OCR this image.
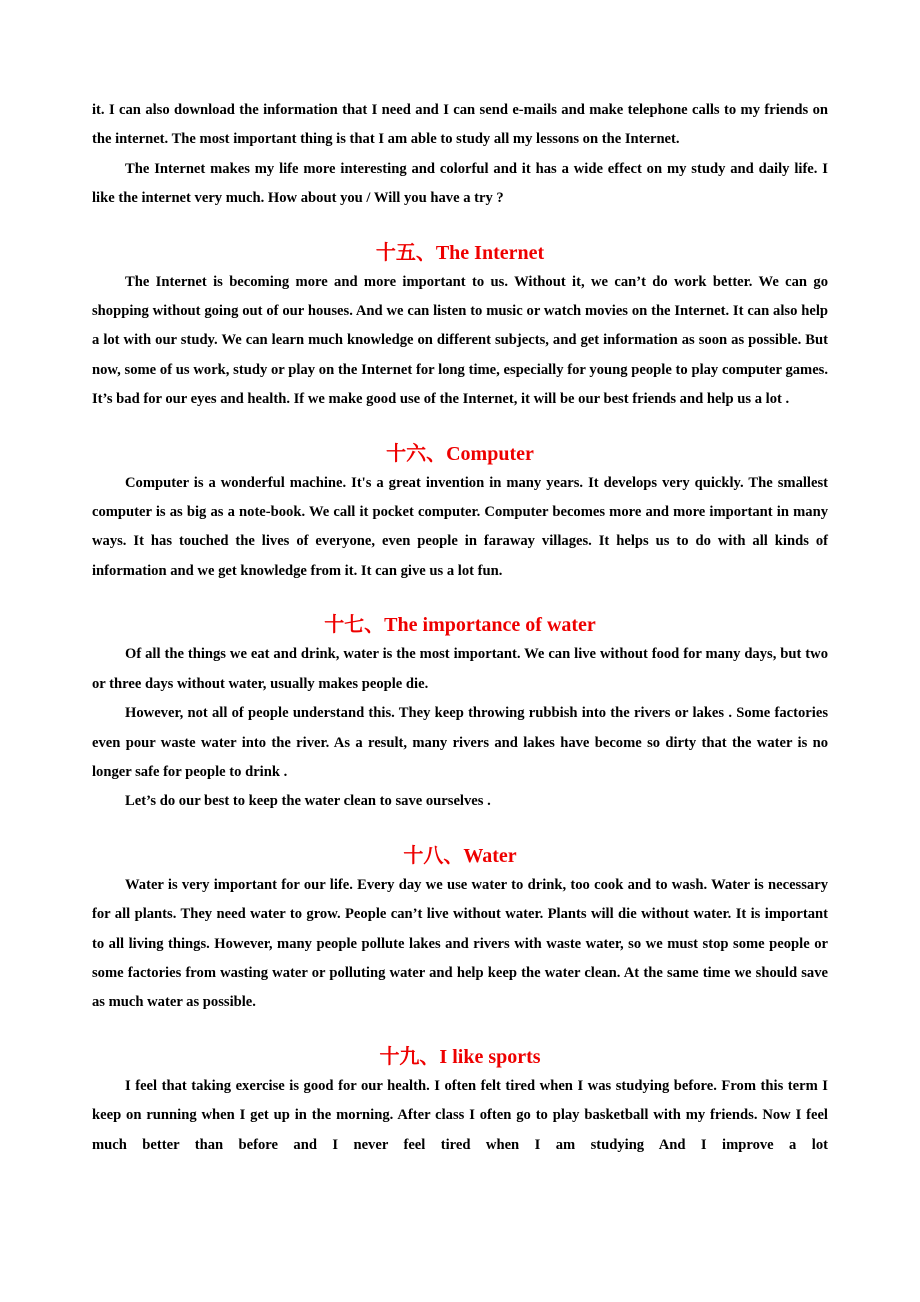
it. I can also download the information that I need and I can send e-mails and make telephone calls to my friends on the internet. The most important thing is that I am able to study all my lessons on the Internet.

The Internet makes my life more interesting and colorful and it has a wide effect on my study and daily life. I like the internet very much. How about you / Will you have a try ?

十五、The Internet

The Internet is becoming more and more important to us. Without it, we can’t do work better. We can go shopping without going out of our houses. And we can listen to music or watch movies on the Internet. It can also help a lot with our study. We can learn much knowledge on different subjects, and get information as soon as possible. But now, some of us work, study or play on the Internet for long time, especially for young people to play computer games. It’s bad for our eyes and health. If we make good use of the Internet, it will be our best friends and help us a lot .

十六、Computer

Computer is a wonderful machine. It's a great invention in many years. It develops very quickly. The smallest computer is as big as a note-book. We call it pocket computer. Computer becomes more and more important in many ways. It has touched the lives of everyone, even people in faraway villages. It helps us to do with all kinds of information and we get knowledge from it. It can give us a lot fun.

十七、The importance of water

Of all the things we eat and drink, water is the most important. We can live without food for many days, but two or three days without water, usually makes people die.

However, not all of people understand this. They keep throwing rubbish into the rivers or lakes . Some factories even pour waste water into the river. As a result, many rivers and lakes have become so dirty that the water is no longer safe for people to drink .

Let’s do our best to keep the water clean to save ourselves .

十八、Water

Water is very important for our life. Every day we use water to drink, too cook and to wash. Water is necessary for all plants. They need water to grow. People can’t live without water. Plants will die without water. It is important to all living things. However, many people pollute lakes and rivers with waste water, so we must stop some people or some factories from wasting water or polluting water and help keep the water clean. At the same time we should save as much water as possible.

十九、I like sports

I feel that taking exercise is good for our health. I often felt tired when I was studying before. From this term I keep on running when I get up in the morning. After class I often go to play basketball with my friends. Now I feel much better than before and I never feel tired when I am studying And I improve a lot
